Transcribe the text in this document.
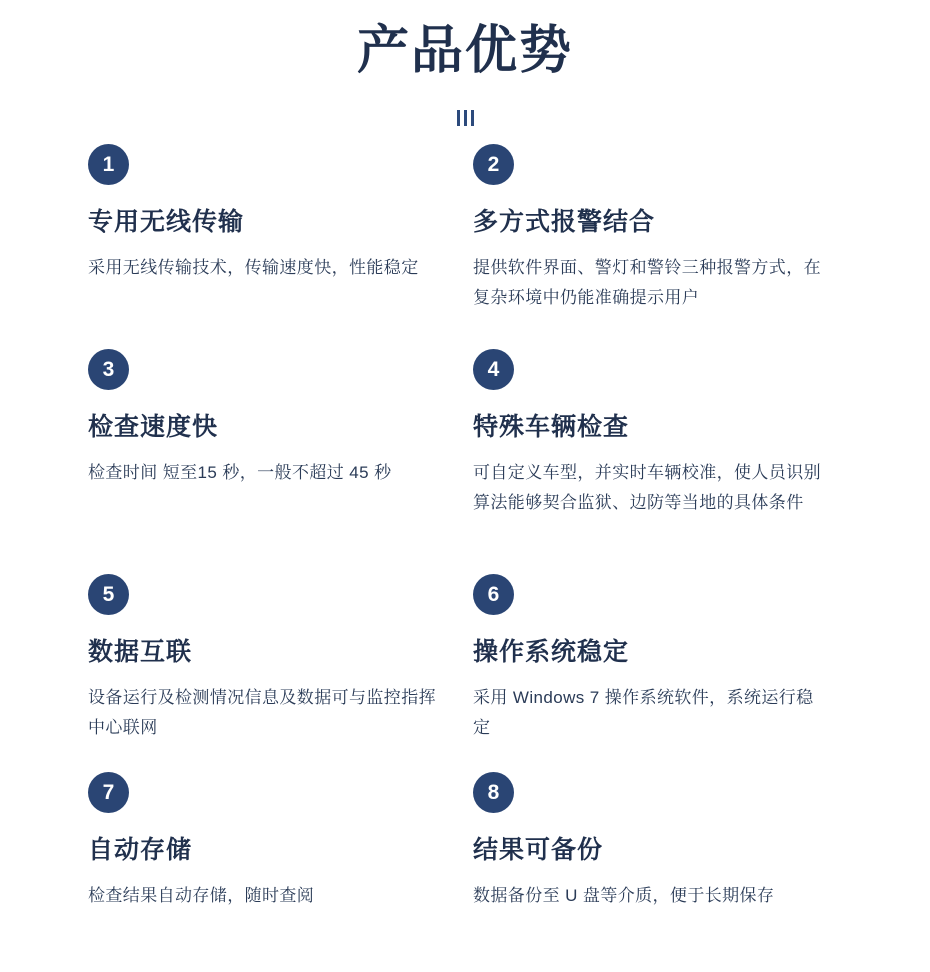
产品优势
1
专用无线传输
采用无线传输技术，传输速度快，性能稳定
2
多方式报警结合
提供软件界面、警灯和警铃三种报警方式，在复杂环境中仍能准确提示用户
3
检查速度快
检查时间 短至15 秒，一般不超过 45 秒
4
特殊车辆检查
可自定义车型，并实时车辆校准，使人员识别算法能够契合监狱、边防等当地的具体条件
5
数据互联
设备运行及检测情况信息及数据可与监控指挥中心联网
6
操作系统稳定
采用 Windows 7 操作系统软件，系统运行稳定
7
自动存储
检查结果自动存储，随时查阅
8
结果可备份
数据备份至 U 盘等介质，便于长期保存
